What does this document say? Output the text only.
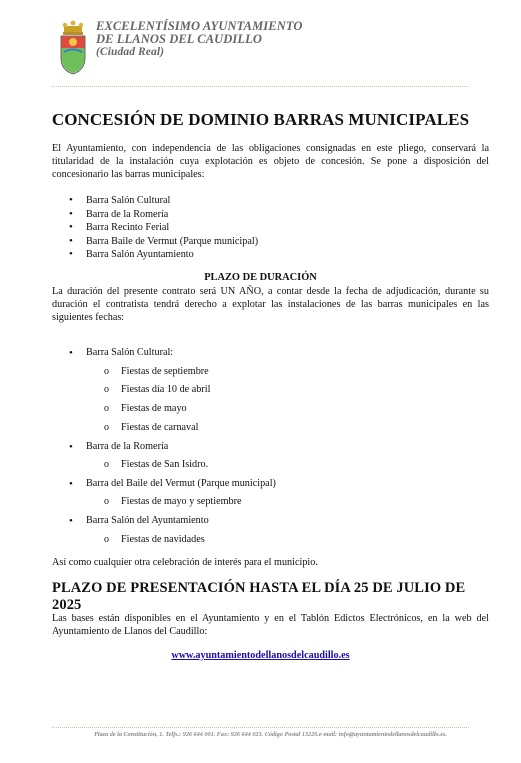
EXCELENTÍSIMO AYUNTAMIENTO
DE LLANOS DEL CAUDILLO
(Ciudad Real)
CONCESIÓN DE DOMINIO BARRAS MUNICIPALES

El Ayuntamiento, con independencia de las obligaciones consignadas en este pliego, conservará la titularidad de la instalación cuya explotación es objeto de concesión. Se pone a disposición del concesionario las barras municipales:

• Barra Salón Cultural
• Barra de la Romería
• Barra Recinto Ferial
• Barra Baile de Vermut (Parque municipal)
• Barra Salón Ayuntamiento
PLAZO DE DURACIÓN

La duración del presente contrato será UN AÑO, a contar desde la fecha de adjudicación, durante su duración el contratista tendrá derecho a explotar las instalaciones de las barras municipales en las siguientes fechas:

• Barra Salón Cultural:
o Fiestas de septiembre
o Fiestas día 10 de abril
o Fiestas de mayo
o Fiestas de carnaval
• Barra de la Romería
o Fiestas de San Isidro.
• Barra del Baile del Vermut (Parque municipal)
o Fiestas de mayo y septiembre
• Barra Salón del Ayuntamiento
o Fiestas de navidades

Así como cualquier otra celebración de interés para el municipio.

PLAZO DE PRESENTACIÓN HASTA EL DÍA 25 DE JULIO DE 2025

Las bases están disponibles en el Ayuntamiento y en el Tablón Edictos Electrónicos, en la web del Ayuntamiento de Llanos del Caudillo:

www.ayuntamientodellanosdelcaudillo.es
Plaza de la Constitución, 1. Telfs.: 926 644 001. Fax: 926 644 023. Código Postal 13220.e-mail: info@ayuntamientodellanosdelcaudillo.es.
